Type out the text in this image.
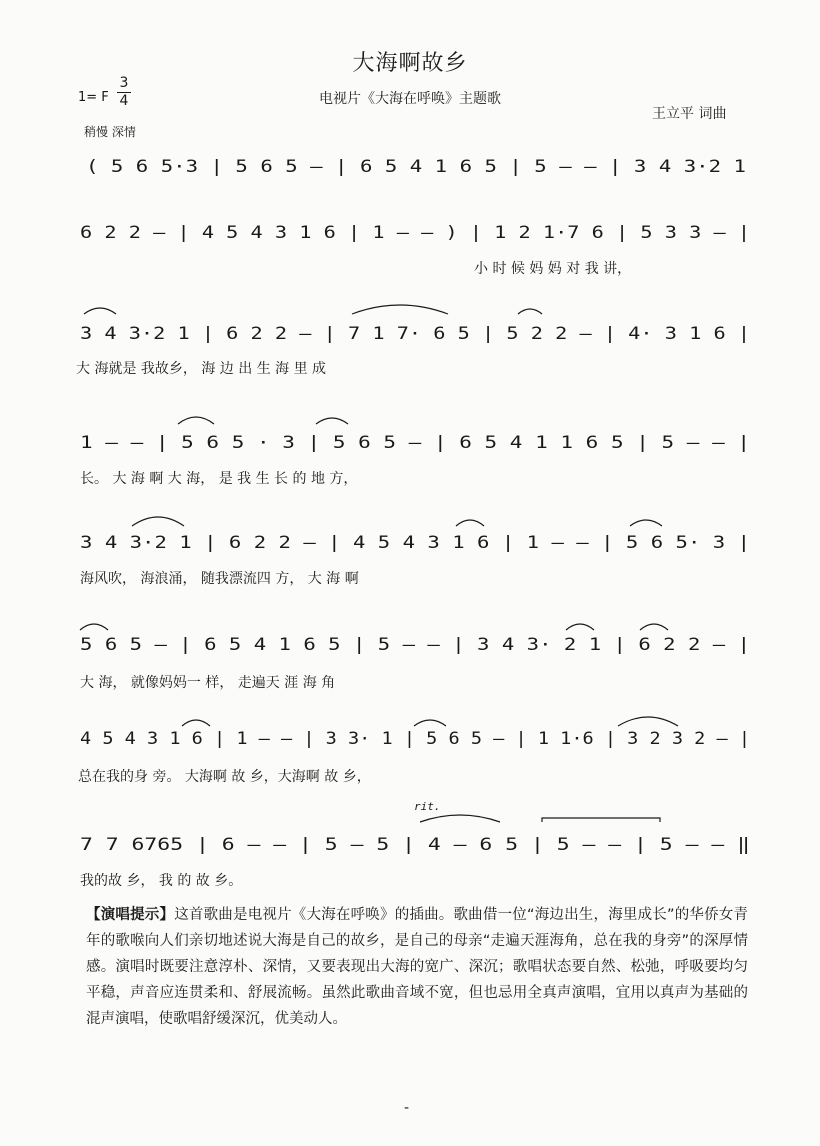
大海啊故乡
电视片《大海在呼唤》主题歌
1= F
3
4
王立平 词曲
稍慢 深情
( 5 6 5·3 | 5 6 5 – | 6 5 4 1 6 5 | 5 – – | 3 4 3·2 1
6 2 2 – | 4 5 4 3 1 6 | 1 – – ) | 1 2 1·7 6 | 5 3 3 – |
小 时 候 妈 妈 对 我 讲，
3 4 3·2 1 | 6 2 2 – | 7 1 7· 6 5 | 5 2 2 – | 4· 3 1 6 |
大 海就是 我故乡， 海 边 出 生 海 里 成
1 – – | 5 6 5 · 3 | 5 6 5 – | 6 5 4 1 1 6 5 | 5 – – |
长。 大 海 啊 大 海， 是 我 生 长 的 地 方，
3 4 3·2 1 | 6 2 2 – | 4 5 4 3 1 6 | 1 – – | 5 6 5· 3 |
海风吹， 海浪涌， 随我漂流四 方， 大 海 啊
5 6 5 – | 6 5 4 1 6 5 | 5 – – | 3 4 3· 2 1 | 6 2 2 – |
大 海， 就像妈妈一 样， 走遍天 涯 海 角
4 5 4 3 1 6 | 1 – – | 3 3· 1 | 5 6 5 – | 1 1·6 | 3 2 3 2 – |
总在我的身 旁。 大海啊 故 乡，大海啊 故 乡，
rit.
7 7 6765 | 6 – – | 5 – 5 | 4 – 6 5 | 5 – – | 5 – – ‖
我的故 乡， 我 的 故 乡。
【演唱提示】这首歌曲是电视片《大海在呼唤》的插曲。歌曲借一位“海边出生，海里成长”的华侨女青年的歌喉向人们亲切地述说大海是自己的故乡，是自己的母亲“走遍天涯海角，总在我的身旁”的深厚情感。演唱时既要注意淳朴、深情，又要表现出大海的宽广、深沉；歌唱状态要自然、松弛，呼吸要均匀平稳，声音应连贯柔和、舒展流畅。虽然此歌曲音域不宽，但也忌用全真声演唱，宜用以真声为基础的混声演唱，使歌唱舒缓深沉，优美动人。
-
